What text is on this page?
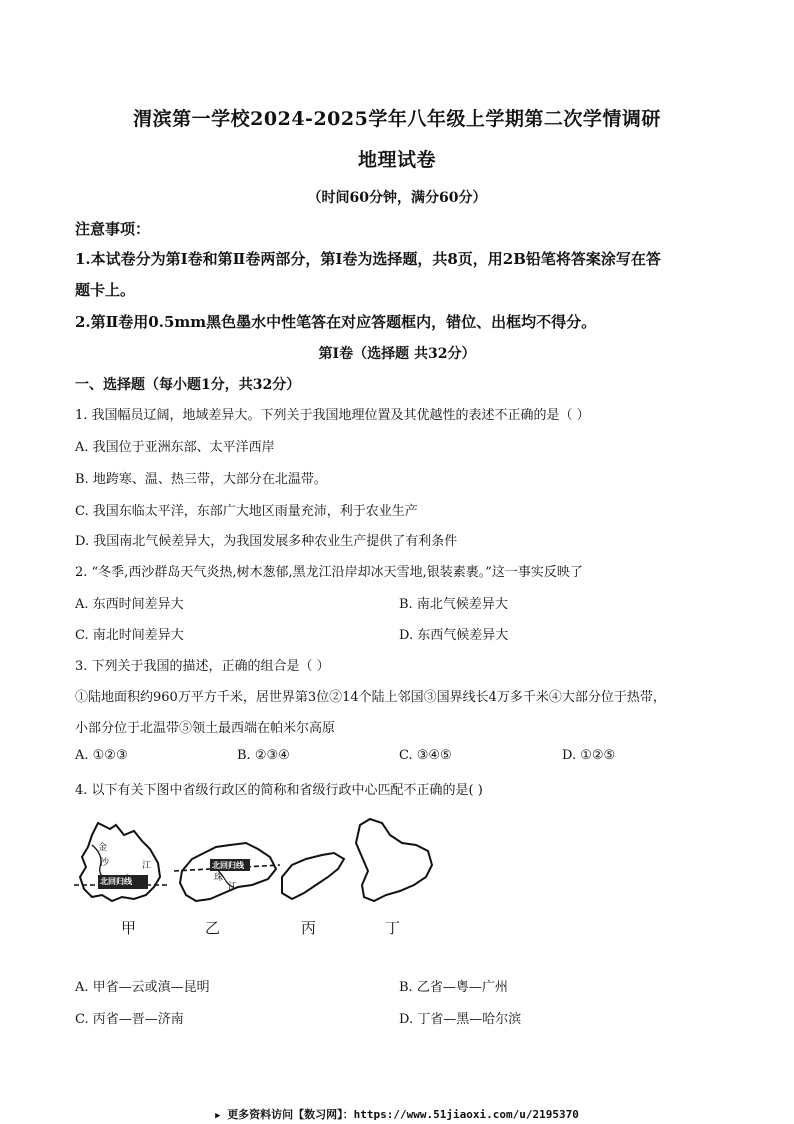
渭滨第一学校2024-2025学年八年级上学期第二次学情调研
地理试卷
（时间60分钟，满分60分）
注意事项：
1.本试卷分为第Ⅰ卷和第Ⅱ卷两部分，第Ⅰ卷为选择题，共8页，用2B铅笔将答案涂写在答
题卡上。
2.第Ⅱ卷用0.5mm黑色墨水中性笔答在对应答题框内，错位、出框均不得分。
第Ⅰ卷（选择题 共32分）
一、选择题（每小题1分，共32分）
1. 我国幅员辽阔，地域差异大。下列关于我国地理位置及其优越性的表述不正确的是（ ）
A. 我国位于亚洲东部、太平洋西岸
B. 地跨寒、温、热三带，大部分在北温带。
C. 我国东临太平洋，东部广大地区雨量充沛，利于农业生产
D. 我国南北气候差异大，为我国发展多种农业生产提供了有利条件
2. “冬季,西沙群岛天气炎热,树木葱郁,黑龙江沿岸却冰天雪地,银装素裹。”这一事实反映了
A. 东西时间差异大	B. 南北气候差异大
C. 南北时间差异大	D. 东西气候差异大
3. 下列关于我国的描述，正确的组合是（ ）
①陆地面积约960万平方千米，居世界第3位②14个陆上邻国③国界线长4万多千米④大部分位于热带，
小部分位于北温带⑤领土最西端在帕米尔高原
A. ①②③	B. ②③④	C. ③④⑤	D. ①②⑤
4. 以下有关下图中省级行政区的简称和省级行政中心匹配不正确的是( )
金
沙	江
北回归线
北回归线
珠
江
甲	乙	丙	丁
A. 甲省—云或滇—昆明	B. 乙省—粤—广州
C. 丙省—晋—济南	D. 丁省—黑—哈尔滨
▶ 更多资料访问【数习网】：https://www.51jiaoxi.com/u/2195370
